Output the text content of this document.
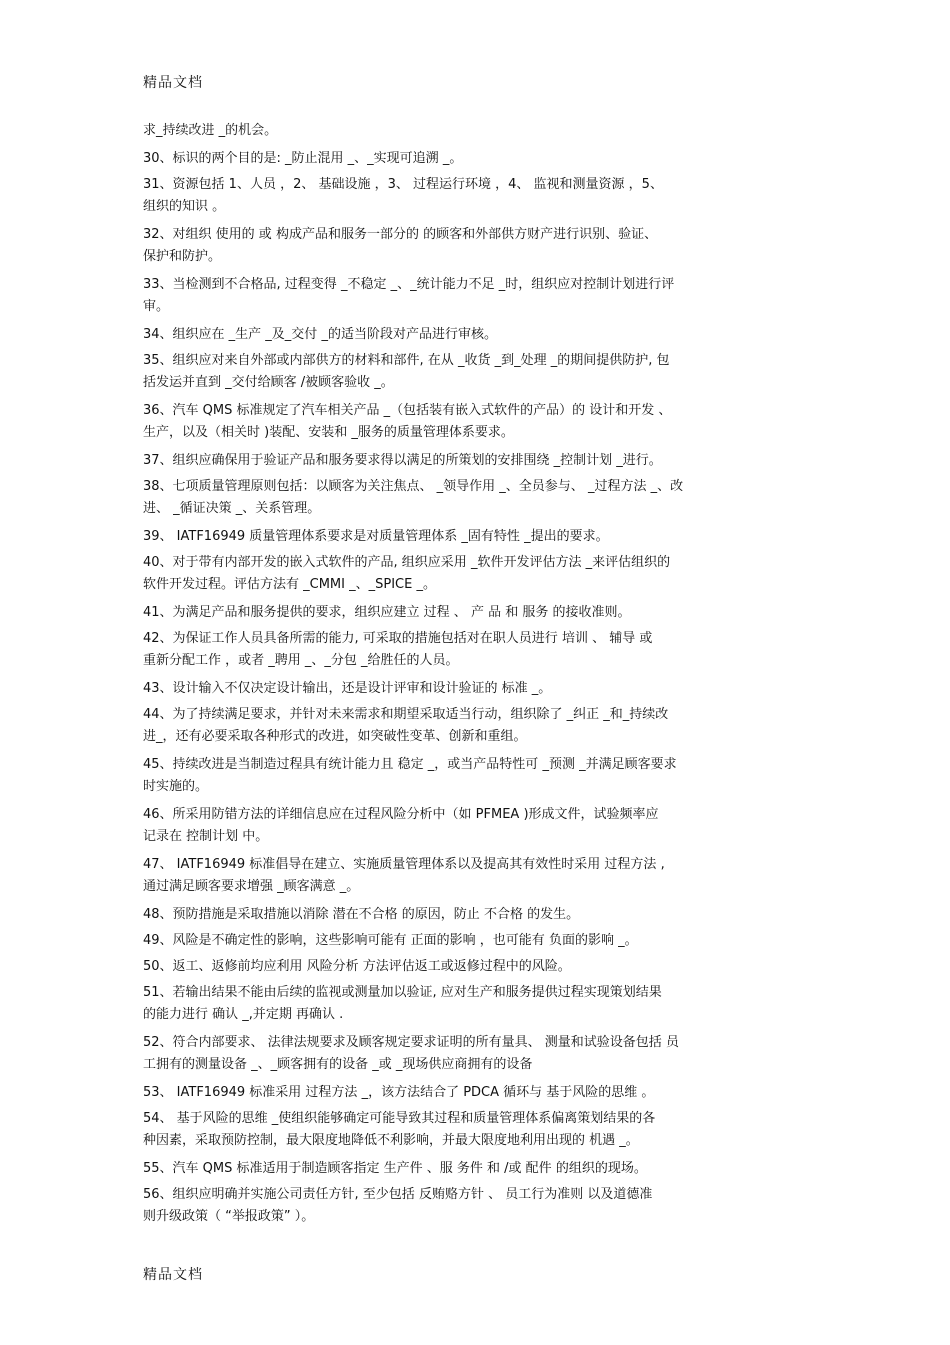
精品文档
求_持续改进 _的机会。
30、标识的两个目的是: _防止混用 _、_实现可追溯 _。
31、资源包括 1、人员 ，2、 基础设施 ，3、 过程运行环境 ，4、 监视和测量资源 ，5、
组织的知识 。
32、对组织 使用的 或 构成产品和服务一部分的 的顾客和外部供方财产进行识别、验证、
保护和防护。
33、当检测到不合格品, 过程变得 _不稳定 _、_统计能力不足 _时，组织应对控制计划进行评
审。
34、组织应在 _生产 _及_交付 _的适当阶段对产品进行审核。
35、组织应对来自外部或内部供方的材料和部件, 在从 _收货 _到_处理 _的期间提供防护, 包
括发运并直到 _交付给顾客 /被顾客验收 _。
36、汽车 QMS 标准规定了汽车相关产品 _（包括装有嵌入式软件的产品）的 设计和开发 、
生产，以及（相关时 )装配、安装和 _服务的质量管理体系要求。
37、组织应确保用于验证产品和服务要求得以满足的所策划的安排围绕 _控制计划 _进行。
38、七项质量管理原则包括：以顾客为关注焦点、 _领导作用 _、全员参与、 _过程方法 _、改
进、 _循证决策 _、关系管理。
39、 IATF16949 质量管理体系要求是对质量管理体系 _固有特性 _提出的要求。
40、对于带有内部开发的嵌入式软件的产品, 组织应采用 _软件开发评估方法 _来评估组织的
软件开发过程。评估方法有 _CMMI _、_SPICE _。
41、为满足产品和服务提供的要求，组织应建立 过程 、 产 品 和 服务 的接收准则。
42、为保证工作人员具备所需的能力, 可采取的措施包括对在职人员进行 培训 、 辅导 或
重新分配工作 ，或者 _聘用 _、_分包 _给胜任的人员。
43、设计输入不仅决定设计输出，还是设计评审和设计验证的 标准 _。
44、为了持续满足要求，并针对未来需求和期望采取适当行动，组织除了 _纠正 _和_持续改
进_，还有必要采取各种形式的改进，如突破性变革、创新和重组。
45、持续改进是当制造过程具有统计能力且 稳定 _，或当产品特性可 _预测 _并满足顾客要求
时实施的。
46、所采用防错方法的详细信息应在过程风险分析中（如 PFMEA )形成文件，试验频率应
记录在 控制计划 中。
47、 IATF16949 标准倡导在建立、实施质量管理体系以及提高其有效性时采用 过程方法 ,
通过满足顾客要求增强 _顾客满意 _。
48、预防措施是采取措施以消除 潜在不合格 的原因，防止 不合格 的发生。
49、风险是不确定性的影响，这些影响可能有 正面的影响 ，也可能有 负面的影响 _。
50、返工、返修前均应利用 风险分析 方法评估返工或返修过程中的风险。
51、若输出结果不能由后续的监视或测量加以验证, 应对生产和服务提供过程实现策划结果
的能力进行 确认 _,并定期 再确认 .
52、符合内部要求、 法律法规要求及顾客规定要求证明的所有量具、 测量和试验设备包括 员
工拥有的测量设备 _、_顾客拥有的设备 _或 _现场供应商拥有的设备
53、 IATF16949 标准采用 过程方法 _，该方法结合了 PDCA 循环与 基于风险的思维 。
54、 基于风险的思维 _使组织能够确定可能导致其过程和质量管理体系偏离策划结果的各
种因素，采取预防控制，最大限度地降低不利影响，并最大限度地利用出现的 机遇 _。
55、汽车 QMS 标准适用于制造顾客指定 生产件 、服 务件 和 /或 配件 的组织的现场。
56、组织应明确并实施公司责任方针, 至少包括 反贿赂方针 、 员工行为准则 以及道德准
则升级政策（ “举报政策” ）。
精品文档
